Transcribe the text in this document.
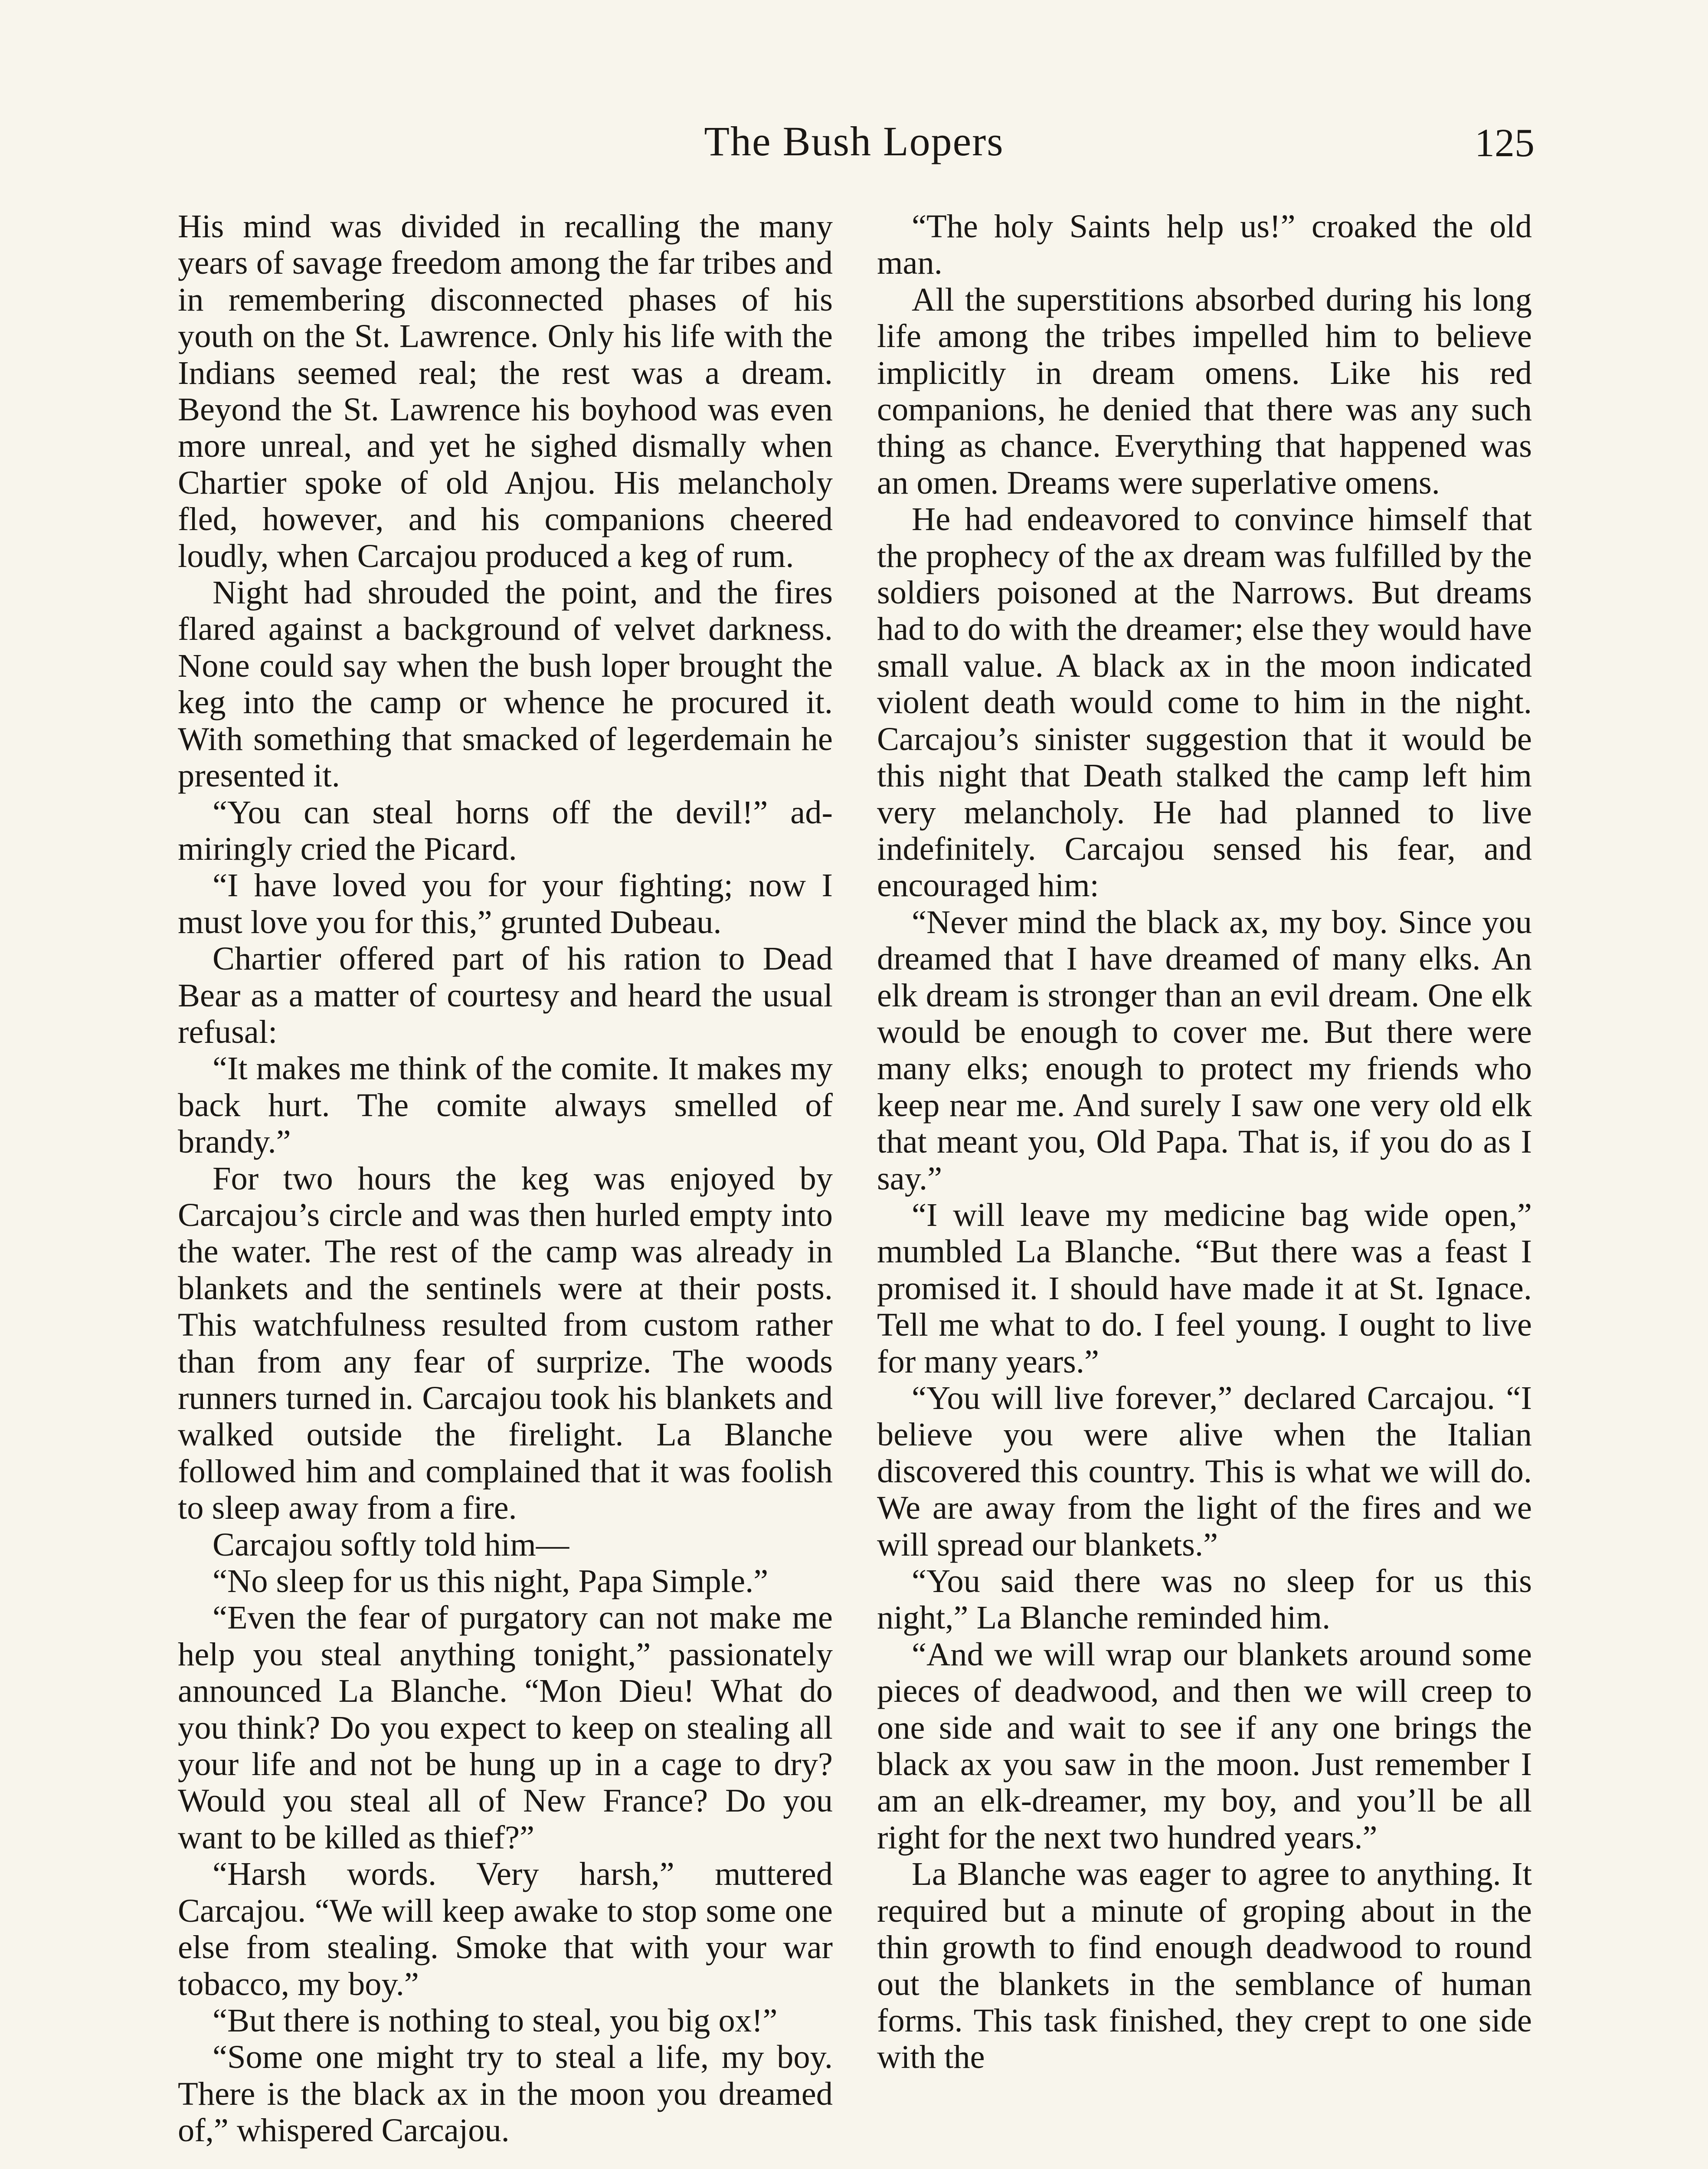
The Bush Lopers	125

His mind was divided in recalling the many years of savage freedom among the far tribes and in remembering disconnected phases of his youth on the St. Lawrence. Only his life with the Indians seemed real; the rest was a dream. Beyond the St. Lawrence his boyhood was even more unreal, and yet he sighed dismally when Chartier spoke of old Anjou. His melancholy fled, however, and his companions cheered loudly, when Carcajou produced a keg of rum.

Night had shrouded the point, and the fires flared against a background of velvet darkness. None could say when the bush loper brought the keg into the camp or whence he procured it. With something that smacked of legerdemain he presented it.

“You can steal horns off the devil!” admiringly cried the Picard.

“I have loved you for your fighting; now I must love you for this,” grunted Dubeau.

Chartier offered part of his ration to Dead Bear as a matter of courtesy and heard the usual refusal:

“It makes me think of the comite. It makes my back hurt. The comite always smelled of brandy.”

For two hours the keg was enjoyed by Carcajou’s circle and was then hurled empty into the water. The rest of the camp was already in blankets and the sentinels were at their posts. This watchfulness resulted from custom rather than from any fear of surprize. The woods runners turned in. Carcajou took his blankets and walked outside the firelight. La Blanche followed him and complained that it was foolish to sleep away from a fire.

Carcajou softly told him—

“No sleep for us this night, Papa Simple.”

“Even the fear of purgatory can not make me help you steal anything tonight,” passionately announced La Blanche. “Mon Dieu! What do you think? Do you expect to keep on stealing all your life and not be hung up in a cage to dry? Would you steal all of New France? Do you want to be killed as thief?”

“Harsh words. Very harsh,” muttered Carcajou. “We will keep awake to stop some one else from stealing. Smoke that with your war tobacco, my boy.”

“But there is nothing to steal, you big ox!”

“Some one might try to steal a life, my boy. There is the black ax in the moon you dreamed of,” whispered Carcajou.

“The holy Saints help us!” croaked the old man.

All the superstitions absorbed during his long life among the tribes impelled him to believe implicitly in dream omens. Like his red companions, he denied that there was any such thing as chance. Everything that happened was an omen. Dreams were superlative omens.

He had endeavored to convince himself that the prophecy of the ax dream was fulfilled by the soldiers poisoned at the Narrows. But dreams had to do with the dreamer; else they would have small value. A black ax in the moon indicated violent death would come to him in the night. Carcajou’s sinister suggestion that it would be this night that Death stalked the camp left him very melancholy. He had planned to live indefinitely. Carcajou sensed his fear, and encouraged him:

“Never mind the black ax, my boy. Since you dreamed that I have dreamed of many elks. An elk dream is stronger than an evil dream. One elk would be enough to cover me. But there were many elks; enough to protect my friends who keep near me. And surely I saw one very old elk that meant you, Old Papa. That is, if you do as I say.”

“I will leave my medicine bag wide open,” mumbled La Blanche. “But there was a feast I promised it. I should have made it at St. Ignace. Tell me what to do. I feel young. I ought to live for many years.”

“You will live forever,” declared Carcajou. “I believe you were alive when the Italian discovered this country. This is what we will do. We are away from the light of the fires and we will spread our blankets.”

“You said there was no sleep for us this night,” La Blanche reminded him.

“And we will wrap our blankets around some pieces of deadwood, and then we will creep to one side and wait to see if any one brings the black ax you saw in the moon. Just remember I am an elk-dreamer, my boy, and you’ll be all right for the next two hundred years.”

La Blanche was eager to agree to anything. It required but a minute of groping about in the thin growth to find enough deadwood to round out the blankets in the semblance of human forms. This task finished, they crept to one side with the
